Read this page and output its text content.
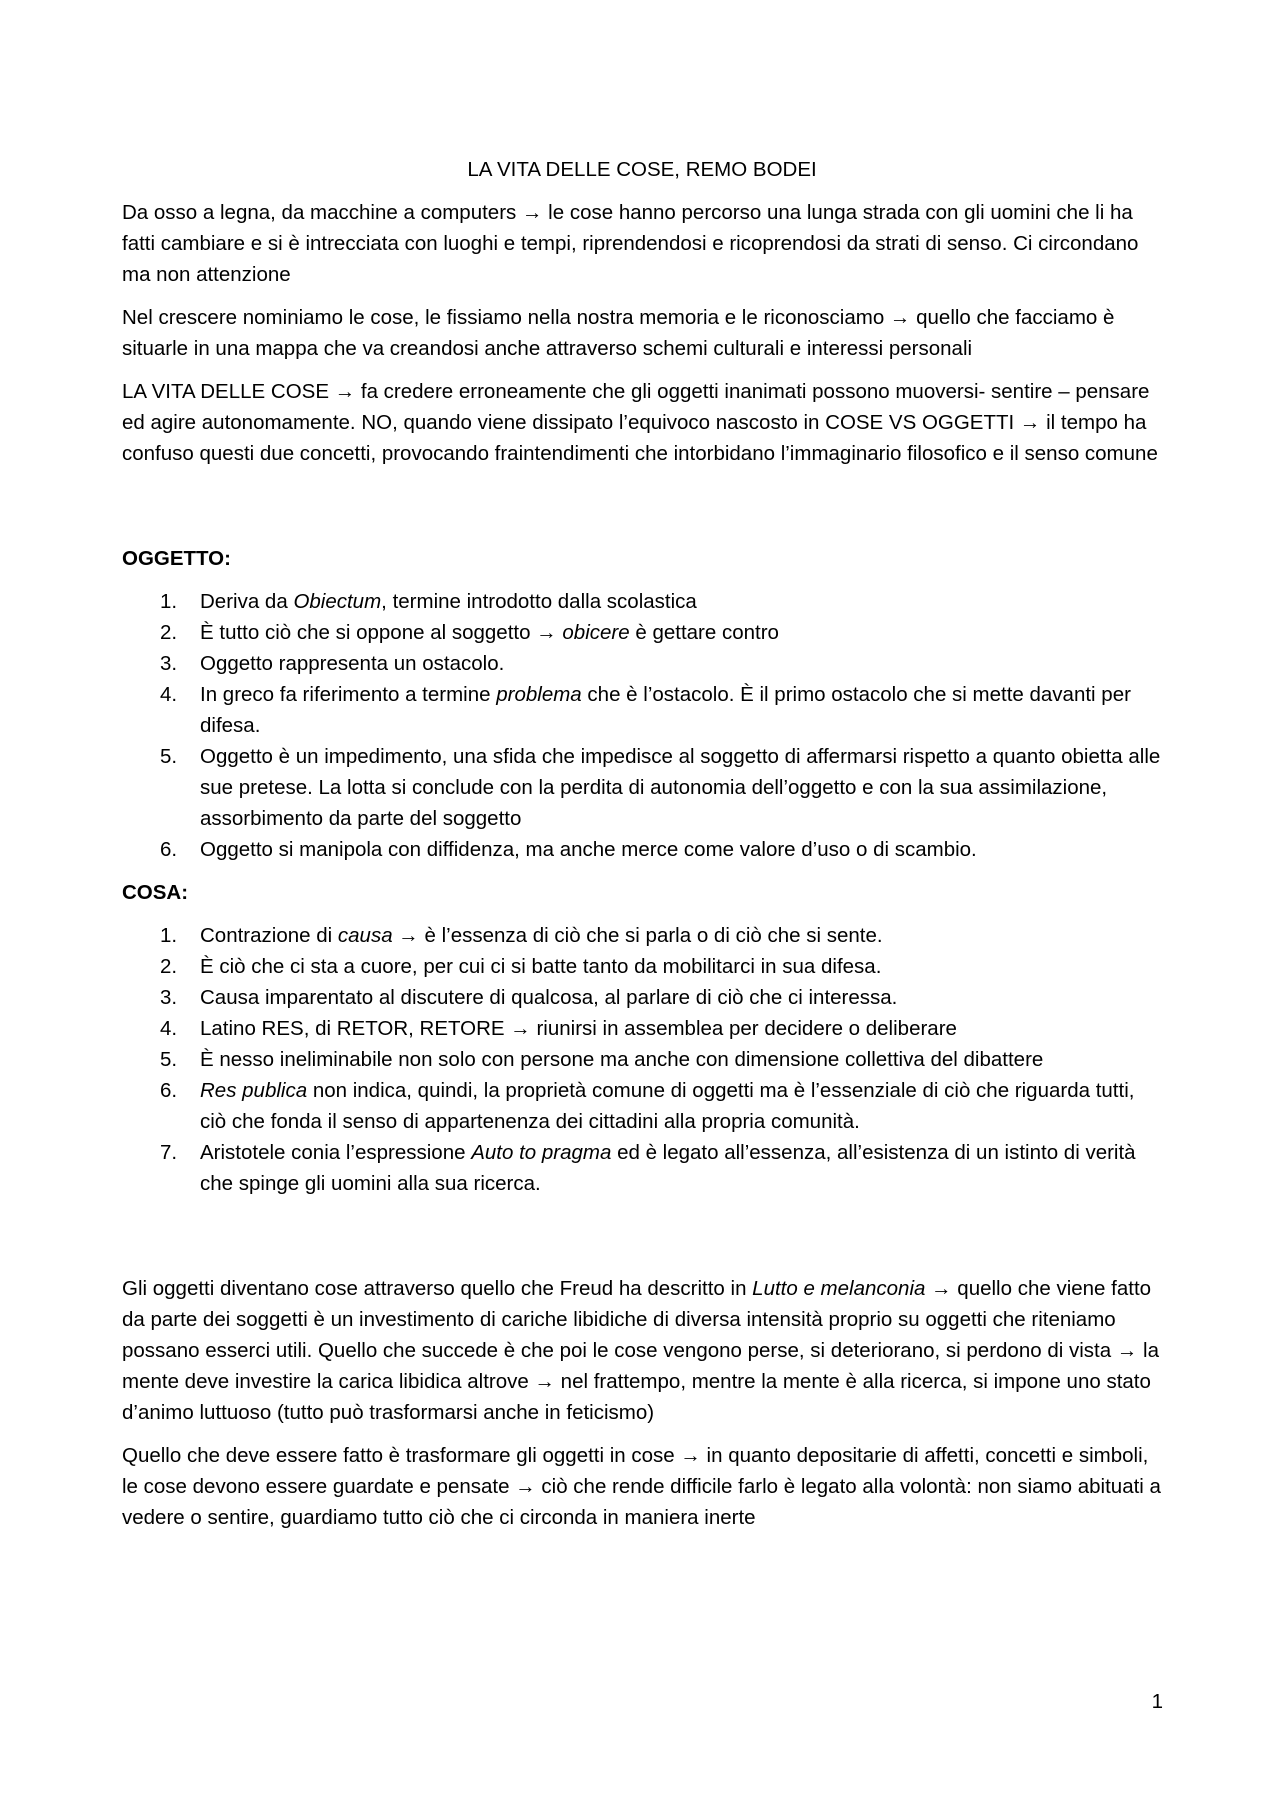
LA VITA DELLE COSE, REMO BODEI

Da osso a legna, da macchine a computers → le cose hanno percorso una lunga strada con gli uomini che li ha fatti cambiare e si è intrecciata con luoghi e tempi, riprendendosi e ricoprendosi da strati di senso. Ci circondano ma non attenzione

Nel crescere nominiamo le cose, le fissiamo nella nostra memoria e le riconosciamo → quello che facciamo è situarle in una mappa che va creandosi anche attraverso schemi culturali e interessi personali

LA VITA DELLE COSE → fa credere erroneamente che gli oggetti inanimati possono muoversi- sentire – pensare ed agire autonomamente. NO, quando viene dissipato l’equivoco nascosto in COSE VS OGGETTI → il tempo ha confuso questi due concetti, provocando fraintendimenti che intorbidano l’immaginario filosofico e il senso comune

OGGETTO:
1.	Deriva da Obiectum, termine introdotto dalla scolastica
2.	È tutto ciò che si oppone al soggetto → obicere è gettare contro
3.	Oggetto rappresenta un ostacolo.
4.	In greco fa riferimento a termine problema che è l’ostacolo. È il primo ostacolo che si mette davanti per difesa.
5.	Oggetto è un impedimento, una sfida che impedisce al soggetto di affermarsi rispetto a quanto obietta alle sue pretese. La lotta si conclude con la perdita di autonomia dell’oggetto e con la sua assimilazione, assorbimento da parte del soggetto
6.	Oggetto si manipola con diffidenza, ma anche merce come valore d’uso o di scambio.
COSA:
1.	Contrazione di causa → è l’essenza di ciò che si parla o di ciò che si sente.
2.	È ciò che ci sta a cuore, per cui ci si batte tanto da mobilitarci in sua difesa.
3.	Causa imparentato al discutere di qualcosa, al parlare di ciò che ci interessa.
4.	Latino RES, di RETOR, RETORE → riunirsi in assemblea per decidere o deliberare
5.	È nesso ineliminabile non solo con persone ma anche con dimensione collettiva del dibattere
6.	Res publica non indica, quindi, la proprietà comune di oggetti ma è l’essenziale di ciò che riguarda tutti, ciò che fonda il senso di appartenenza dei cittadini alla propria comunità.
7.	Aristotele conia l’espressione Auto to pragma ed è legato all’essenza, all’esistenza di un istinto di verità che spinge gli uomini alla sua ricerca.

Gli oggetti diventano cose attraverso quello che Freud ha descritto in Lutto e melanconia → quello che viene fatto da parte dei soggetti è un investimento di cariche libidiche di diversa intensità proprio su oggetti che riteniamo possano esserci utili. Quello che succede è che poi le cose vengono perse, si deteriorano, si perdono di vista → la mente deve investire la carica libidica altrove → nel frattempo, mentre la mente è alla ricerca, si impone uno stato d’animo luttuoso (tutto può trasformarsi anche in feticismo)

Quello che deve essere fatto è trasformare gli oggetti in cose → in quanto depositarie di affetti, concetti e simboli, le cose devono essere guardate e pensate → ciò che rende difficile farlo è legato alla volontà: non siamo abituati a vedere o sentire, guardiamo tutto ciò che ci circonda in maniera inerte

1
